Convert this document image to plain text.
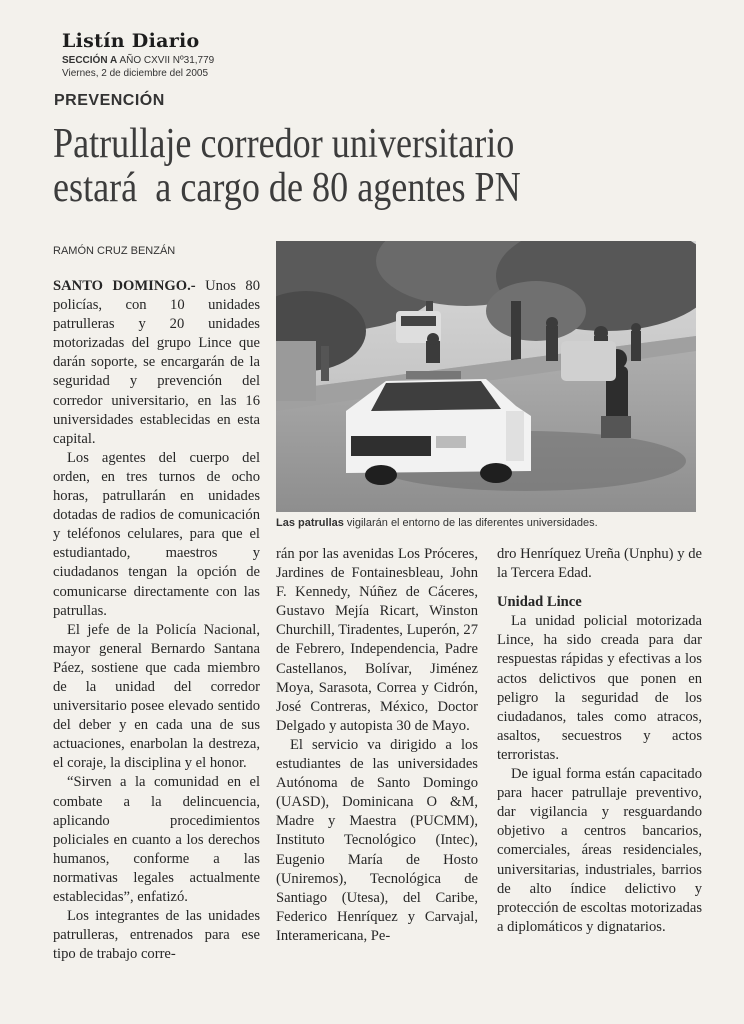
Listín Diario
SECCIÓN A AÑO CXVII Nº31,779
Viernes, 2 de diciembre del 2005
PREVENCIÓN
Patrullaje corredor universitario
estará  a cargo de 80 agentes PN
RAMÓN CRUZ BENZÁN
Las patrullas vigilarán el entorno de las diferentes universidades.

SANTO DOMINGO.- Unos 80 policías, con 10 unidades patrulleras y 20 unidades motorizadas del grupo Lince que darán soporte, se encargarán de la seguridad y prevención del corredor universitario, en las 16 universidades establecidas en esta capital.

Los agentes del cuerpo del orden, en tres turnos de ocho horas, patrullarán en unidades dotadas de radios de comunicación y teléfonos celulares, para que el estudiantado, maestros y ciudadanos tengan la opción de comunicarse directamente con las patrullas.

El jefe de la Policía Nacional, mayor general Bernardo Santana Páez, sostiene que cada miembro de la unidad del corredor universitario posee elevado sentido del deber y en cada una de sus actuaciones, enarbolan la destreza, el coraje, la disciplina y el honor.

“Sirven a la comunidad en el combate a la delincuencia, aplicando procedimientos policiales en cuanto a los derechos humanos, conforme a las normativas legales actualmente establecidas”, enfatizó.

Los integrantes de las unidades patrulleras, entrenados para ese tipo de trabajo corre-

rán por las avenidas Los Próceres, Jardines de Fontainesbleau, John F. Kennedy, Núñez de Cáceres, Gustavo Mejía Ricart, Winston Churchill, Tiradentes, Luperón, 27 de Febrero, Independencia, Padre Castellanos, Bolívar, Jiménez Moya, Sarasota, Correa y Cidrón, José Contreras, México, Doctor Delgado y autopista 30 de Mayo.

El servicio va dirigido a los estudiantes de las universidades Autónoma de Santo Domingo (UASD), Dominicana O &M, Madre y Maestra (PUCMM), Instituto Tecnológico (Intec), Eugenio María de Hosto (Uniremos), Tecnológica de Santiago (Utesa), del Caribe, Federico Henríquez y Carvajal, Interamericana, Pe-

dro Henríquez Ureña (Unphu) y de la Tercera Edad.

Unidad Lince

La unidad policial motorizada Lince, ha sido creada para dar respuestas rápidas y efectivas a los actos delictivos que ponen en peligro la seguridad de los ciudadanos, tales como atracos, asaltos, secuestros y actos terroristas.

De igual forma están capacitado para hacer patrullaje preventivo, dar vigilancia y resguardando objetivo a centros bancarios, comerciales, áreas residenciales, universitarias, industriales, barrios de alto índice delictivo y protección de escoltas motorizadas a diplomáticos y dignatarios.
